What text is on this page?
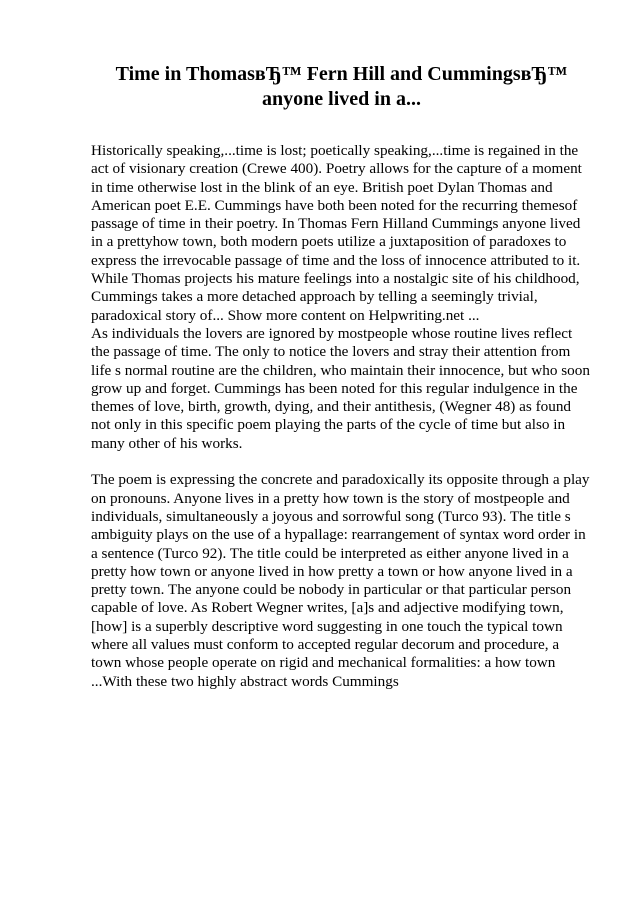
Time in ThomasвЂ™ Fern Hill and CummingsвЂ™ anyone lived in a...

Historically speaking,...time is lost; poetically speaking,...time is regained in the act of visionary creation (Crewe 400). Poetry allows for the capture of a moment in time otherwise lost in the blink of an eye. British poet Dylan Thomas and American poet E.E. Cummings have both been noted for the recurring themesof passage of time in their poetry. In Thomas Fern Hilland Cummings anyone lived in a prettyhow town, both modern poets utilize a juxtaposition of paradoxes to express the irrevocable passage of time and the loss of innocence attributed to it. While Thomas projects his mature feelings into a nostalgic site of his childhood, Cummings takes a more detached approach by telling a seemingly trivial, paradoxical story of... Show more content on Helpwriting.net ...

As individuals the lovers are ignored by mostpeople whose routine lives reflect the passage of time. The only to notice the lovers and stray their attention from life s normal routine are the children, who maintain their innocence, but who soon grow up and forget. Cummings has been noted for this regular indulgence in the themes of love, birth, growth, dying, and their antithesis, (Wegner 48) as found not only in this specific poem playing the parts of the cycle of time but also in many other of his works.

The poem is expressing the concrete and paradoxically its opposite through a play on pronouns. Anyone lives in a pretty how town is the story of mostpeople and individuals, simultaneously a joyous and sorrowful song (Turco 93). The title s ambiguity plays on the use of a hypallage: rearrangement of syntax word order in a sentence (Turco 92). The title could be interpreted as either anyone lived in a pretty how town or anyone lived in how pretty a town or how anyone lived in a pretty town. The anyone could be nobody in particular or that particular person capable of love. As Robert Wegner writes, [a]s and adjective modifying town, [how] is a superbly descriptive word suggesting in one touch the typical town where all values must conform to accepted regular decorum and procedure, a town whose people operate on rigid and mechanical formalities: a how town ...With these two highly abstract words Cummings
